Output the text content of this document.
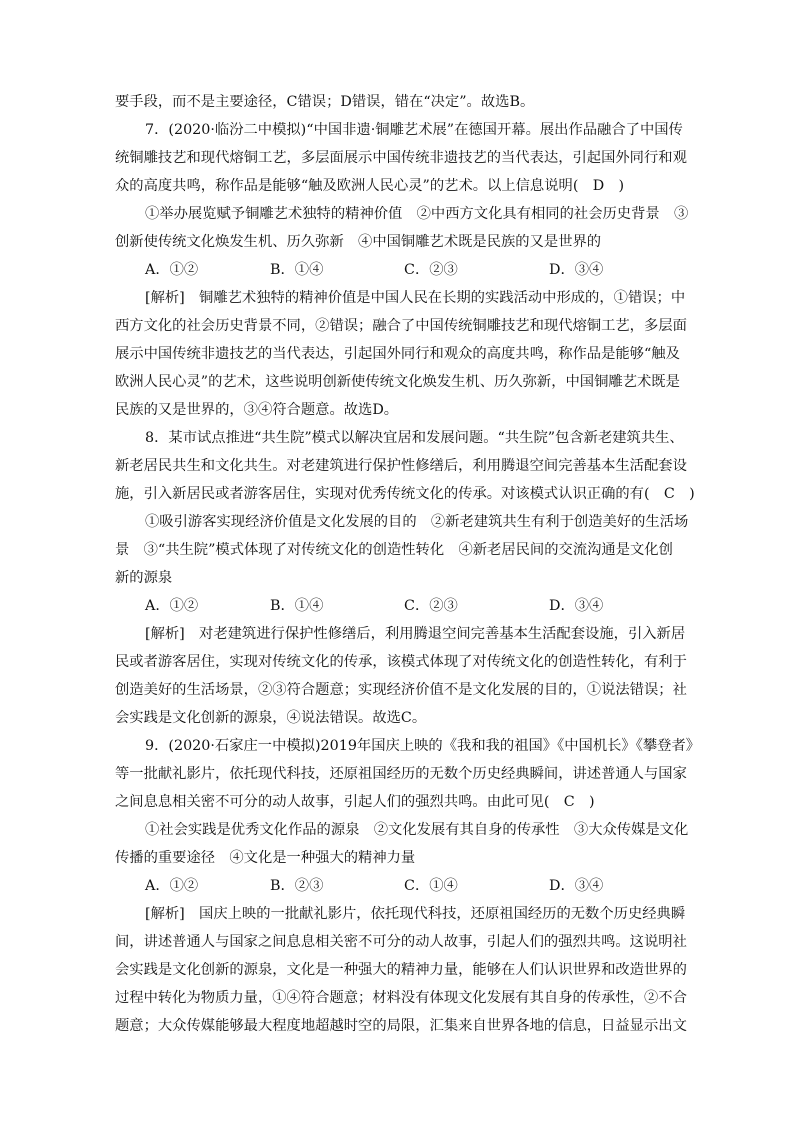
要手段，而不是主要途径，C错误；D错误，错在“决定”。故选B。
7．(2020·临汾二中模拟)“中国非遗·铜雕艺术展”在德国开幕。展出作品融合了中国传
统铜雕技艺和现代熔铜工艺，多层面展示中国传统非遗技艺的当代表达，引起国外同行和观
众的高度共鸣，称作品是能够“触及欧洲人民心灵”的艺术。以上信息说明(　D　)
①举办展览赋予铜雕艺术独特的精神价值　②中西方文化具有相同的社会历史背景　③
创新使传统文化焕发生机、历久弥新　④中国铜雕艺术既是民族的又是世界的
A．①②	B．①④	C．②③	D．③④
[解析]　铜雕艺术独特的精神价值是中国人民在长期的实践活动中形成的，①错误；中
西方文化的社会历史背景不同，②错误；融合了中国传统铜雕技艺和现代熔铜工艺，多层面
展示中国传统非遗技艺的当代表达，引起国外同行和观众的高度共鸣，称作品是能够“触及
欧洲人民心灵”的艺术，这些说明创新使传统文化焕发生机、历久弥新，中国铜雕艺术既是
民族的又是世界的，③④符合题意。故选D。
8．某市试点推进“共生院”模式以解决宜居和发展问题。“共生院”包含新老建筑共生、
新老居民共生和文化共生。对老建筑进行保护性修缮后，利用腾退空间完善基本生活配套设
施，引入新居民或者游客居住，实现对优秀传统文化的传承。对该模式认识正确的有(　C　)
①吸引游客实现经济价值是文化发展的目的　②新老建筑共生有利于创造美好的生活场
景　③“共生院”模式体现了对传统文化的创造性转化　④新老居民间的交流沟通是文化创
新的源泉
A．①②	B．①④	C．②③	D．③④
[解析]　对老建筑进行保护性修缮后，利用腾退空间完善基本生活配套设施，引入新居
民或者游客居住，实现对传统文化的传承，该模式体现了对传统文化的创造性转化，有利于
创造美好的生活场景，②③符合题意；实现经济价值不是文化发展的目的，①说法错误；社
会实践是文化创新的源泉，④说法错误。故选C。
9．(2020·石家庄一中模拟)2019年国庆上映的《我和我的祖国》《中国机长》《攀登者》
等一批献礼影片，依托现代科技，还原祖国经历的无数个历史经典瞬间，讲述普通人与国家
之间息息相关密不可分的动人故事，引起人们的强烈共鸣。由此可见(　C　)
①社会实践是优秀文化作品的源泉　②文化发展有其自身的传承性　③大众传媒是文化
传播的重要途径　④文化是一种强大的精神力量
A．①②	B．②③	C．①④	D．③④
[解析]　国庆上映的一批献礼影片，依托现代科技，还原祖国经历的无数个历史经典瞬
间，讲述普通人与国家之间息息相关密不可分的动人故事，引起人们的强烈共鸣。这说明社
会实践是文化创新的源泉，文化是一种强大的精神力量，能够在人们认识世界和改造世界的
过程中转化为物质力量，①④符合题意；材料没有体现文化发展有其自身的传承性，②不合
题意；大众传媒能够最大程度地超越时空的局限，汇集来自世界各地的信息，日益显示出文
